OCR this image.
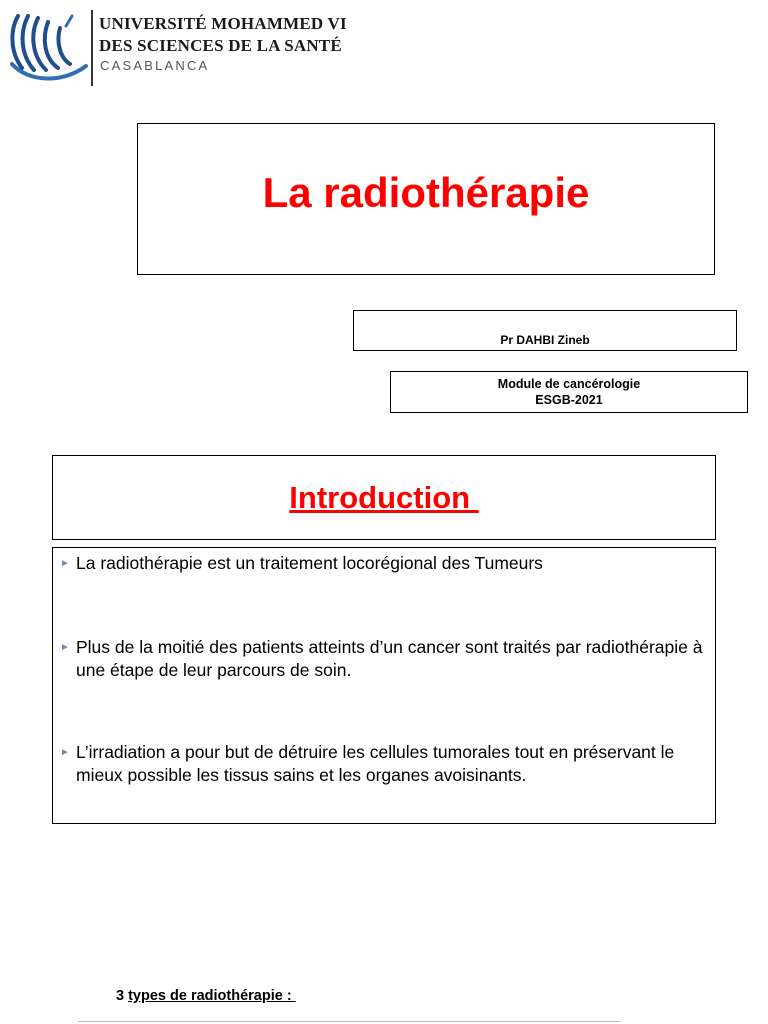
UNIVERSITÉ MOHAMMED VI
DES SCIENCES DE LA SANTÉ
CASABLANCA
La radiothérapie
Pr DAHBI Zineb
Module de cancérologie
ESGB-2021
Introduction
► La radiothérapie est un traitement locorégional des Tumeurs
► Plus de la moitié des patients atteints d’un cancer sont traités par radiothérapie à une étape de leur parcours de soin.
► L’irradiation a pour but de détruire les cellules tumorales tout en préservant le mieux possible les tissus sains et les organes avoisinants.
3 types de radiothérapie :
